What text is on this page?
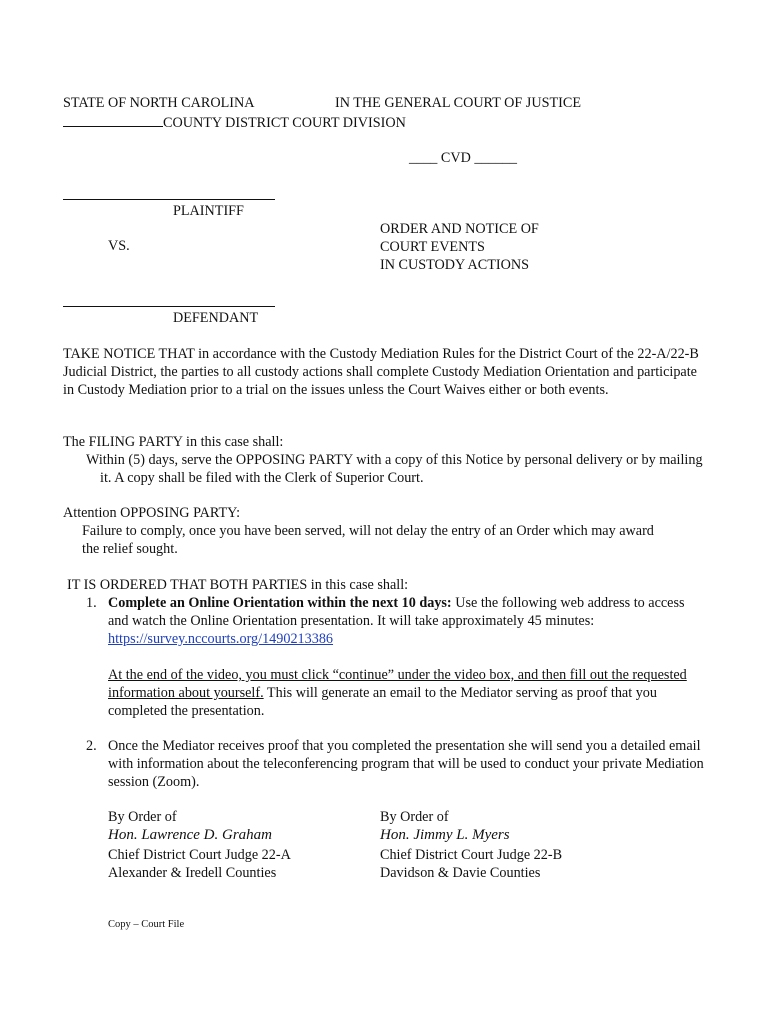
STATE OF NORTH CAROLINA	IN THE GENERAL COURT OF JUSTICE
COUNTY DISTRICT COURT DIVISION
____ CVD ______
PLAINTIFF
ORDER AND NOTICE OF
COURT EVENTS
IN CUSTODY ACTIONS
VS.
DEFENDANT
TAKE NOTICE THAT in accordance with the Custody Mediation Rules for the District Court of the 22-A/22-B Judicial District, the parties to all custody actions shall complete Custody Mediation Orientation and participate in Custody Mediation prior to a trial on the issues unless the Court Waives either or both events.
The FILING PARTY in this case shall:
Within (5) days, serve the OPPOSING PARTY with a copy of this Notice by personal delivery or by mailing it. A copy shall be filed with the Clerk of Superior Court.
Attention OPPOSING PARTY:
Failure to comply, once you have been served, will not delay the entry of an Order which may award the relief sought.
IT IS ORDERED THAT BOTH PARTIES in this case shall:
1. Complete an Online Orientation within the next 10 days: Use the following web address to access and watch the Online Orientation presentation. It will take approximately 45 minutes:
https://survey.nccourts.org/1490213386
At the end of the video, you must click “continue” under the video box, and then fill out the requested information about yourself. This will generate an email to the Mediator serving as proof that you completed the presentation.
2. Once the Mediator receives proof that you completed the presentation she will send you a detailed email with information about the teleconferencing program that will be used to conduct your private Mediation session (Zoom).
By Order of
Hon. Lawrence D. Graham
Chief District Court Judge 22-A
Alexander & Iredell Counties
By Order of
Hon. Jimmy L. Myers
Chief District Court Judge 22-B
Davidson & Davie Counties
Copy – Court File
